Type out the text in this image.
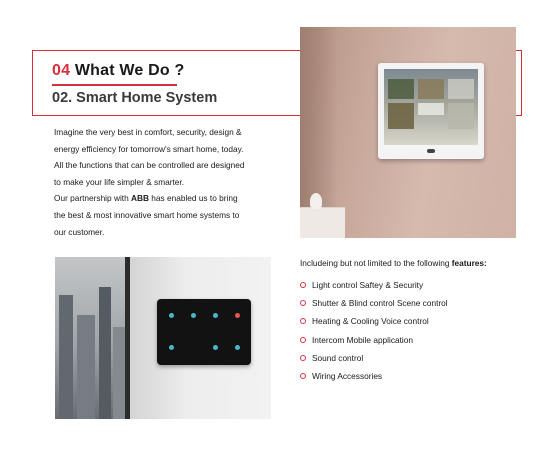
04 What We Do ?
02. Smart Home System
Imagine the very best in comfort, security, design &
energy efficiency for tomorrow's smart home, today.
All the functions that can be controlled are designed
to make your life simpler & smarter.
Our partnership with ABB has enabled us to bring
the best & most innovative smart home systems to
our customer.
Includeing but not limited to the following features:
Light control Saftey & Security
Shutter & Blind control Scene control
Heating & Cooling Voice control
Intercom Mobile application
Sound control
Wiring Accessories
